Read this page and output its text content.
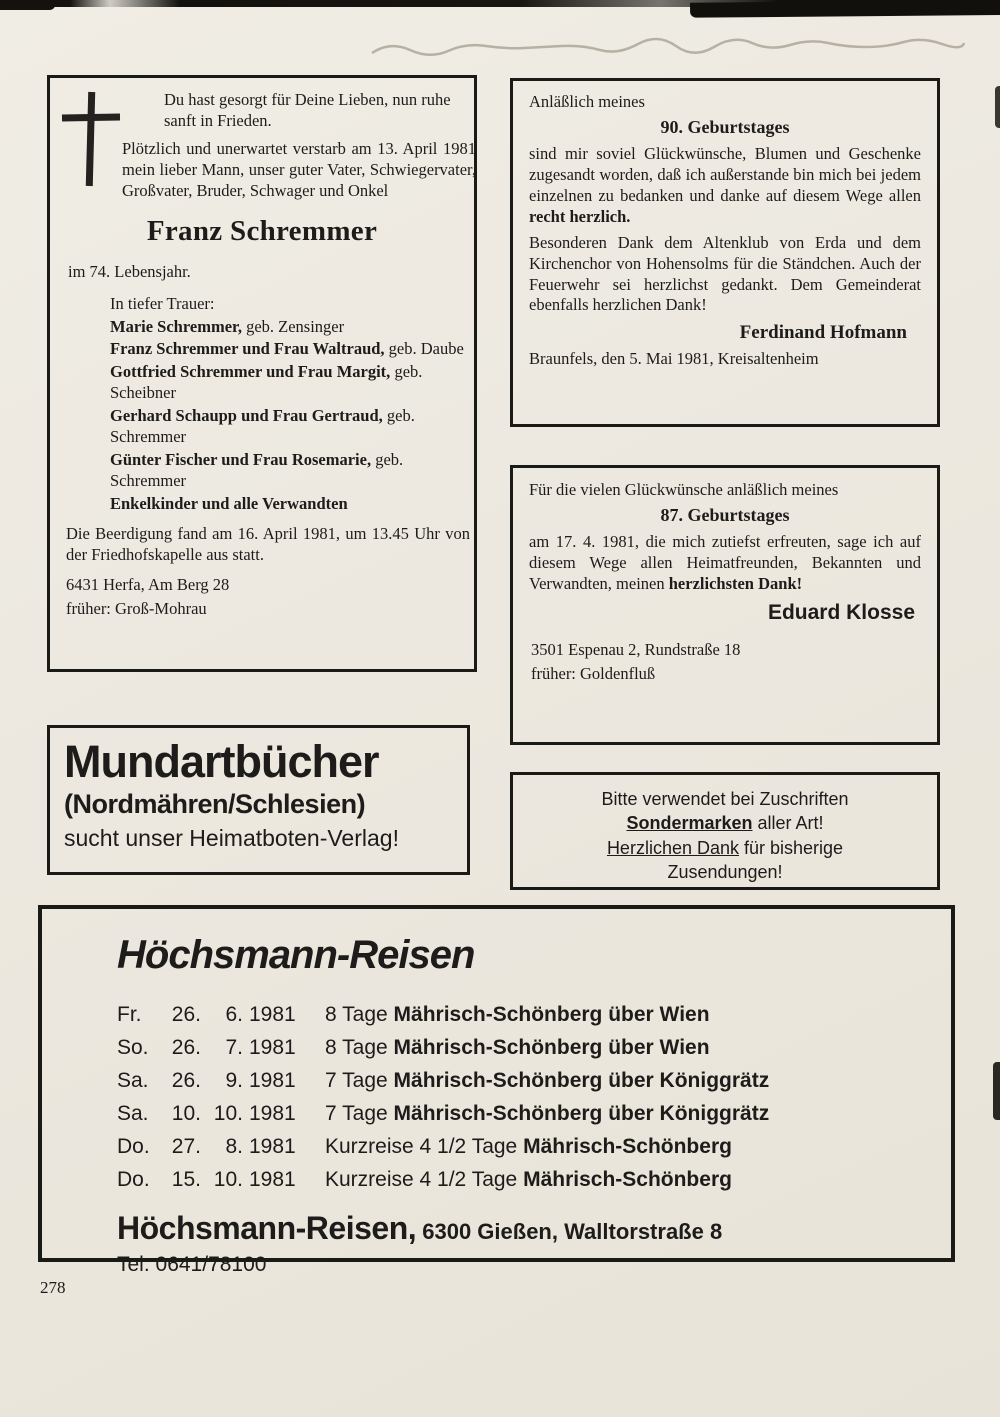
Du hast gesorgt für Deine Lieben, nun ruhe sanft in Frieden.

Plötzlich und unerwartet verstarb am 13. April 1981 mein lieber Mann, unser guter Vater, Schwiegervater, Großvater, Bruder, Schwager und Onkel

Franz Schremmer

im 74. Lebensjahr.

In tiefer Trauer:

Marie Schremmer, geb. Zensinger

Franz Schremmer und Frau Waltraud, geb. Daube

Gottfried Schremmer und Frau Margit, geb. Scheibner

Gerhard Schaupp und Frau Gertraud, geb. Schremmer

Günter Fischer und Frau Rosemarie, geb. Schremmer

Enkelkinder und alle Verwandten

Die Beerdigung fand am 16. April 1981, um 13.45 Uhr von der Friedhofskapelle aus statt.

6431 Herfa, Am Berg 28

früher: Groß-Mohrau

Anläßlich meines

90. Geburtstages

sind mir soviel Glückwünsche, Blumen und Geschenke zugesandt worden, daß ich außerstande bin mich bei jedem einzelnen zu bedanken und danke auf diesem Wege allen recht herzlich.

Besonderen Dank dem Altenklub von Erda und dem Kirchenchor von Hohensolms für die Ständchen. Auch der Feuerwehr sei herzlichst gedankt. Dem Gemeinderat ebenfalls herzlichen Dank!

Ferdinand Hofmann

Braunfels, den 5. Mai 1981, Kreisaltenheim

Für die vielen Glückwünsche anläßlich meines

87. Geburtstages

am 17. 4. 1981, die mich zutiefst erfreuten, sage ich auf diesem Wege allen Heimatfreunden, Bekannten und Verwandten, meinen herzlichsten Dank!

Eduard Klosse

3501 Espenau 2, Rundstraße 18

früher: Goldenfluß

Bitte verwendet bei Zuschriften

Sondermarken aller Art!

Herzlichen Dank für bisherige

Zusendungen!

Mundartbücher

(Nordmähren/Schlesien)

sucht unser Heimatboten-Verlag!

Höchsmann-Reisen
Fr.	26.	6. 1981	8 Tage Mährisch-Schönberg über Wien
So.	26.	7. 1981	8 Tage Mährisch-Schönberg über Wien
Sa.	26.	9. 1981	7 Tage Mährisch-Schönberg über Königgrätz
Sa.	10. 10. 1981	7 Tage Mährisch-Schönberg über Königgrätz
Do.	27.	8. 1981	Kurzreise 4 1/2 Tage Mährisch-Schönberg
Do.	15. 10. 1981	Kurzreise 4 1/2 Tage Mährisch-Schönberg

Höchsmann-Reisen, 6300 Gießen, Walltorstraße 8

Tel. 0641/78100

278
